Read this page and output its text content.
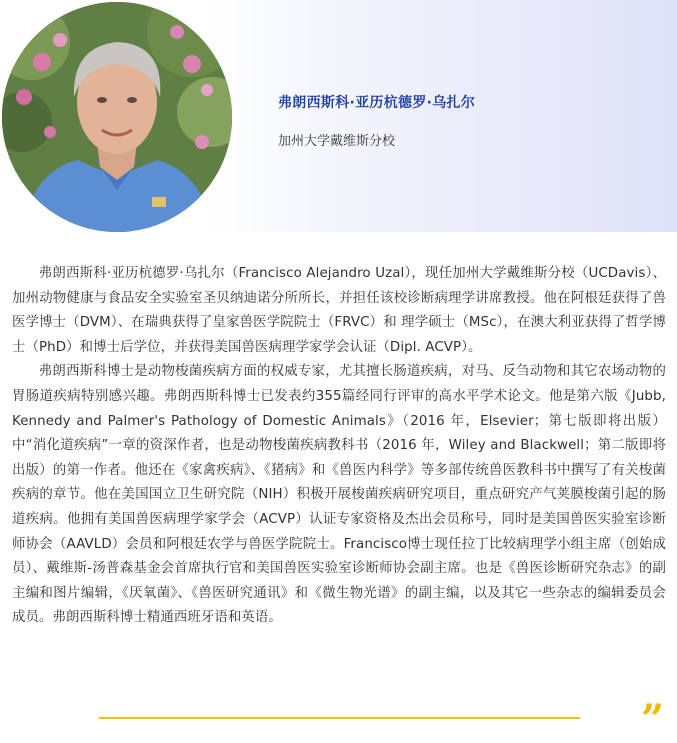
弗朗西斯科·亚历杭德罗·乌扎尔
加州大学戴维斯分校

弗朗西斯科·亚历杭德罗·乌扎尔（Francisco Alejandro Uzal），现任加州大学戴维斯分校（UCDavis）、加州动物健康与食品安全实验室圣贝纳迪诺分所所长，并担任该校诊断病理学讲席教授。他在阿根廷获得了兽医学博士（DVM）、在瑞典获得了皇家兽医学院院士（FRVC）和 理学硕士（MSc），在澳大利亚获得了哲学博士（PhD）和博士后学位，并获得美国兽医病理学家学会认证（Dipl. ACVP）。

弗朗西斯科博士是动物梭菌疾病方面的权威专家，尤其擅长肠道疾病，对马、反刍动物和其它农场动物的胃肠道疾病特别感兴趣。弗朗西斯科博士已发表约355篇经同行评审的高水平学术论文。他是第六版《Jubb, Kennedy and Palmer's Pathology of Domestic Animals》（2016 年，Elsevier；第七版即将出版）中“消化道疾病”一章的资深作者，也是动物梭菌疾病教科书（2016 年，Wiley and Blackwell；第二版即将出版）的第一作者。他还在《家禽疾病》、《猪病》和《兽医内科学》等多部传统兽医教科书中撰写了有关梭菌疾病的章节。他在美国国立卫生研究院（NIH）积极开展梭菌疾病研究项目，重点研究产气荚膜梭菌引起的肠道疾病。他拥有美国兽医病理学家学会（ACVP）认证专家资格及杰出会员称号，同时是美国兽医实验室诊断师协会（AAVLD）会员和阿根廷农学与兽医学院院士。Francisco博士现任拉丁比较病理学小组主席（创始成员）、戴维斯-汤普森基金会首席执行官和美国兽医实验室诊断师协会副主席。也是《兽医诊断研究杂志》的副主编和图片编辑，《厌氧菌》、《兽医研究通讯》和《微生物光谱》的副主编，以及其它一些杂志的编辑委员会成员。弗朗西斯科博士精通西班牙语和英语。

”
